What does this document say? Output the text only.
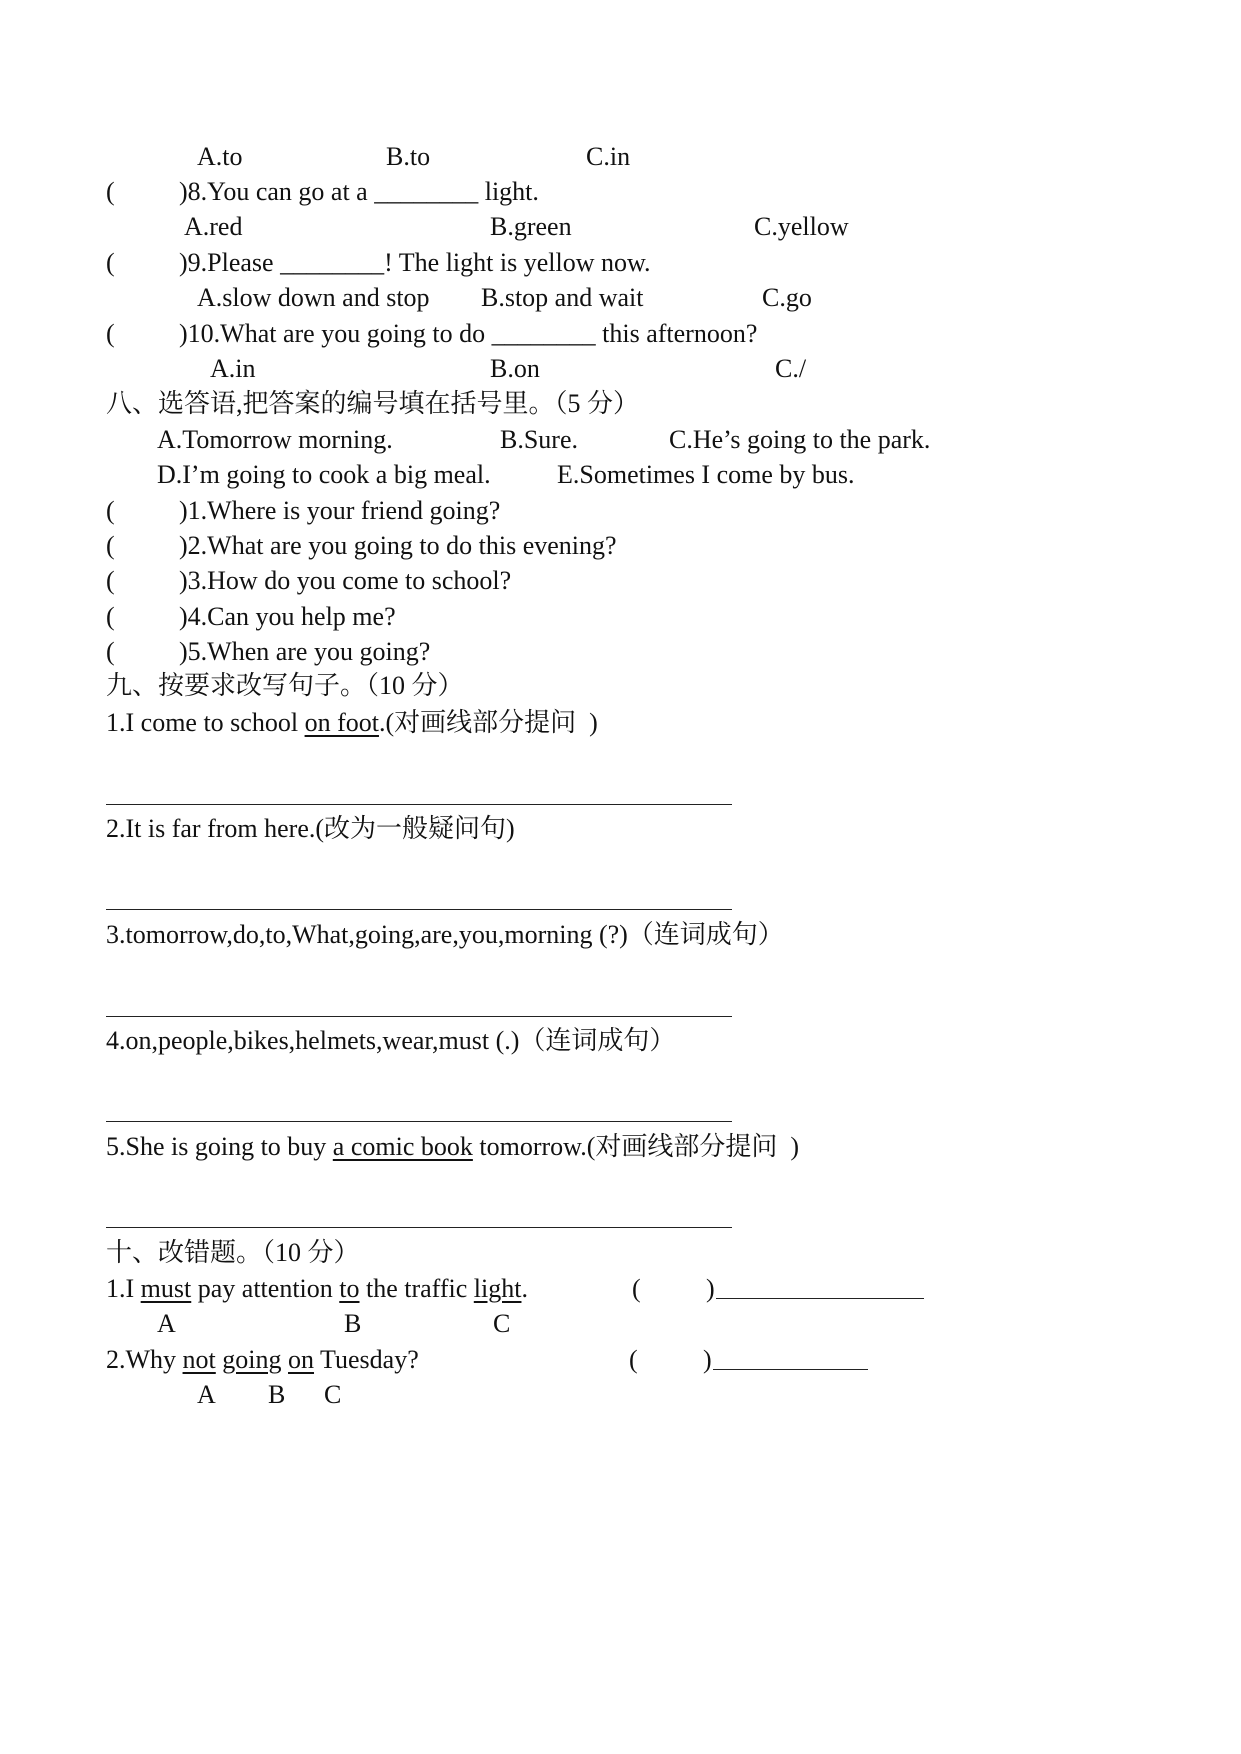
A.to	B.to	C.in
( )8.You can go at a ________ light.
A.red	B.green	C.yellow
( )9.Please ________! The light is yellow now.
A.slow down and stop B.stop and wait	C.go
( )10.What are you going to do ________ this afternoon?
A.in	B.on	C./
八、选答语,把答案的编号填在括号里。（5 分）
A.Tomorrow morning.	B.Sure.	C.He’s going to the park.
D.I’m going to cook a big meal.	E.Sometimes I come by bus.
( )1.Where is your friend going?
( )2.What are you going to do this evening?
( )3.How do you come to school?
( )4.Can you help me?
( )5.When are you going?
九、按要求改写句子。（10 分）
1.I come to school on foot.(对画线部分提问  )
2.It is far from here.(改为一般疑问句)
3.tomorrow,do,to,What,going,are,you,morning (?)（连词成句）
4.on,people,bikes,helmets,wear,must (.)（连词成句）
5.She is going to buy a comic book tomorrow.(对画线部分提问  )
十、改错题。（10 分）
1.I must pay attention to the traffic light.	(	)
A	B	C
2.Why not going on Tuesday?	(	)
A B C
